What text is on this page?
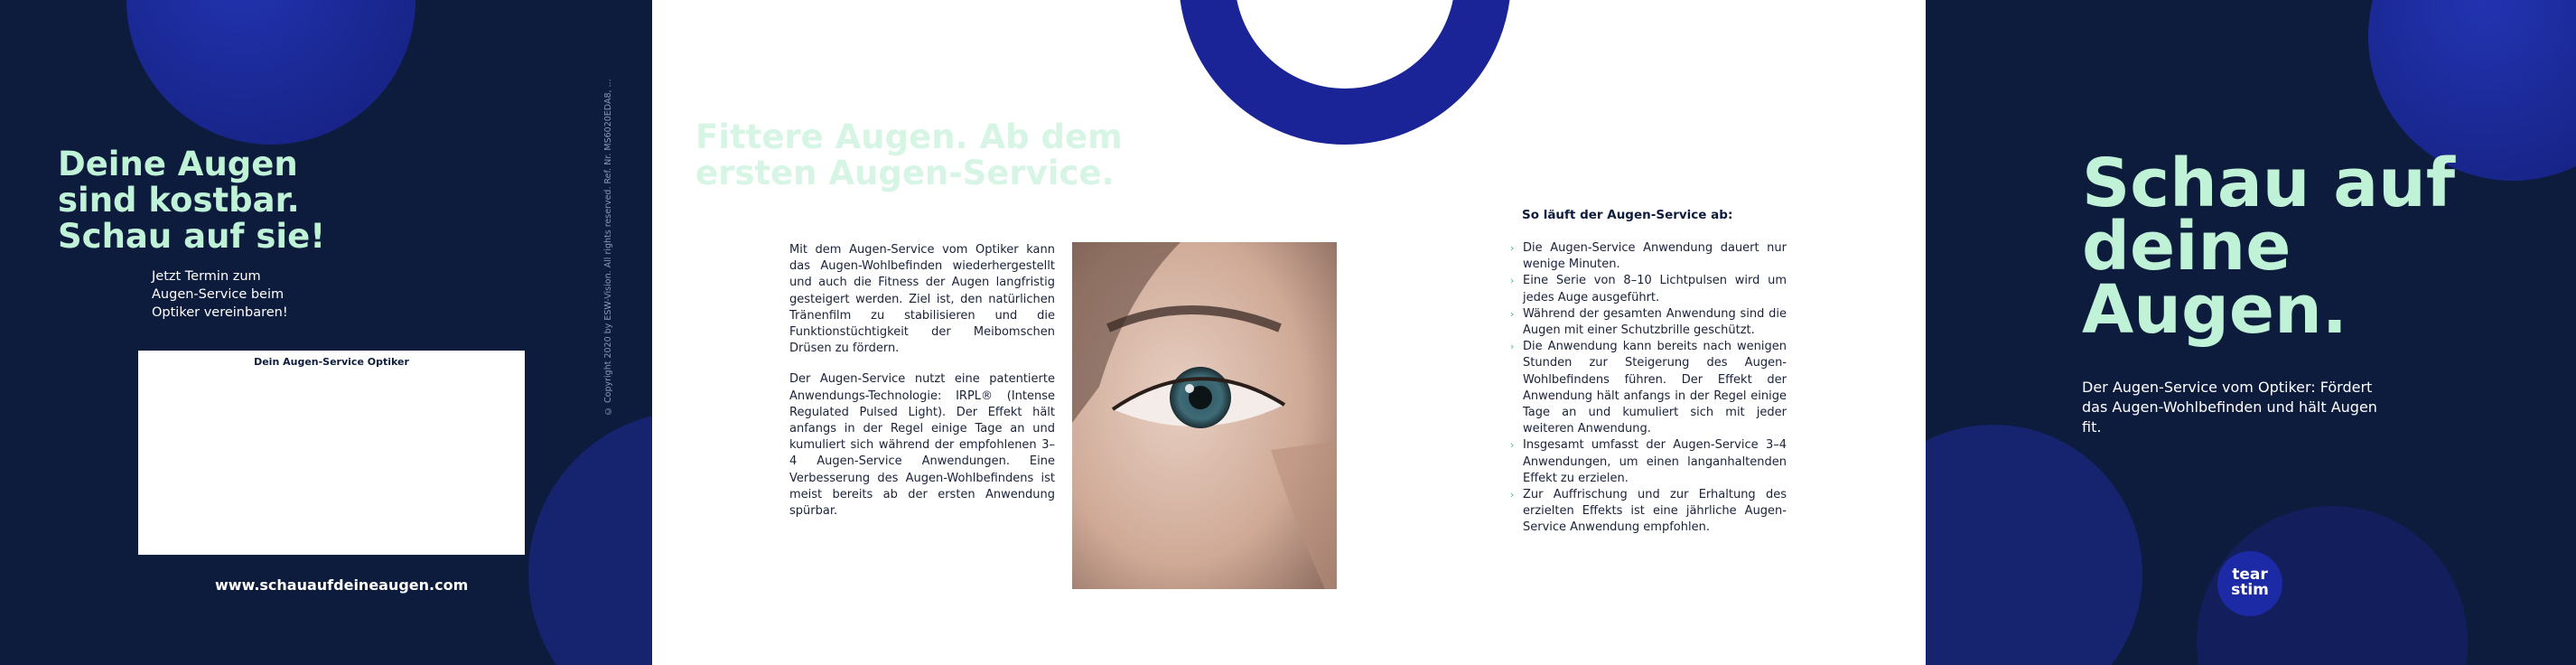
Deine Augen sind kostbar. Schau auf sie!

Jetzt Termin zum Augen-Service beim Optiker vereinbaren!

Dein Augen-Service Optiker

www.schauaufdeineaugen.com

© Copyright 2020 by ESW-Vision. All rights reserved. Ref. Nr. MS6020EDA8, ... Fittere Augen. Ab dem ersten Augen-Service.

Mit dem Augen-Service vom Optiker kann das Augen-Wohlbefinden wiederhergestellt und auch die Fitness der Augen langfristig gesteigert werden. Ziel ist, den natürlichen Tränenfilm zu stabilisieren und die Funktionstüchtigkeit der Meibomschen Drüsen zu fördern.

Der Augen-Service nutzt eine patentierte Anwendungs-Technologie: IRPL® (Intense Regulated Pulsed Light). Der Effekt hält anfangs in der Regel einige Tage an und kumuliert sich während der empfohlenen 3–4 Augen-Service Anwendungen. Eine Verbesserung des Augen-Wohlbefindens ist meist bereits ab der ersten Anwendung spürbar.

So läuft der Augen-Service ab:

› Die Augen-Service Anwendung dauert nur wenige Minuten.
› Eine Serie von 8–10 Lichtpulsen wird um jedes Auge ausgeführt.
› Während der gesamten Anwendung sind die Augen mit einer Schutzbrille geschützt.
› Die Anwendung kann bereits nach wenigen Stunden zur Steigerung des Augen-Wohlbefindens führen. Der Effekt der Anwendung hält anfangs in der Regel einige Tage an und kumuliert sich mit jeder weiteren Anwendung.
› Insgesamt umfasst der Augen-Service 3–4 Anwendungen, um einen langanhaltenden Effekt zu erzielen.
› Zur Auffrischung und zur Erhaltung des erzielten Effekts ist eine jährliche Augen-Service Anwendung empfohlen.
Schau auf deine Augen.

Der Augen-Service vom Optiker: Fördert das Augen-Wohlbefinden und hält Augen fit.

tear
stim
